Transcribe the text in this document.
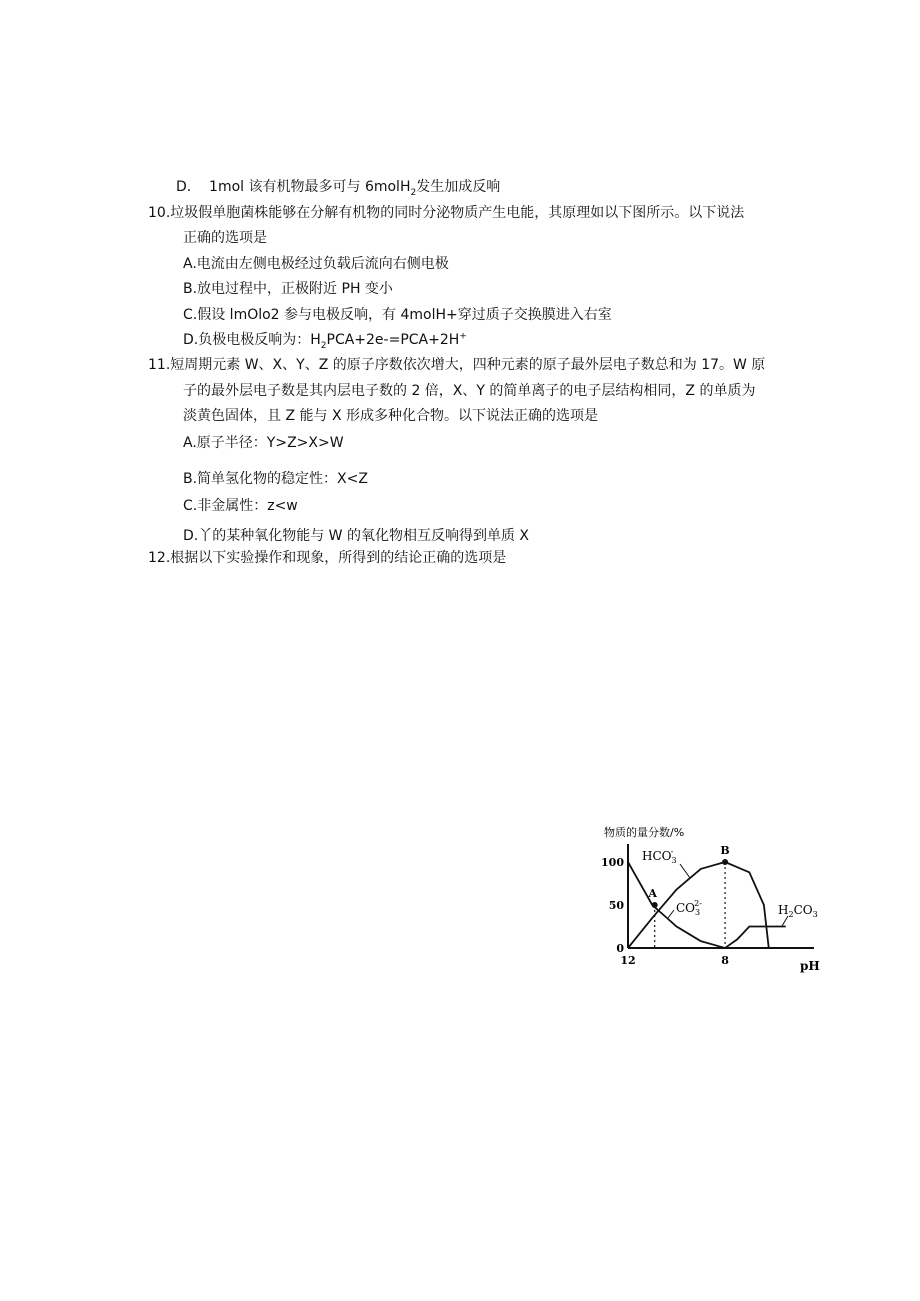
D. 1mol 该有机物最多可与 6molH$_2$发生加成反响
10.垃圾假单胞菌株能够在分解有机物的同时分泌物质产生电能，其原理如以下图所示。以下说法
正确的选项是
A.电流由左侧电极经过负载后流向右侧电极
B.放电过程中，正极附近 PH 变小
C.假设 lmOlo2 参与电极反响，有 4molH+穿过质子交换膜进入右室
D.负极电极反响为：$H_2PCA+2e-=PCA+2H^+$
11.短周期元素 W、X、Y、Z 的原子序数依次增大，四种元素的原子最外层电子数总和为 17。W 原
子的最外层电子数是其内层电子数的 2 倍，X、Y 的简单离子的电子层结构相同，Z 的单质为
淡黄色固体，且 Z 能与 X 形成多种化合物。以下说法正确的选项是
A.原子半径：Y>Z>X>W
B.简单氢化物的稳定性：X<Z
C.非金属性：z<w
D.丫的某种氧化物能与 W 的氧化物相互反响得到单质 X
12.根据以下实验操作和现象，所得到的结论正确的选项是
物质的量分数/%
100
50
0
12	8
A
B
$HCO_3-$
$CO_32-$	$H_2CO_3$
pH
